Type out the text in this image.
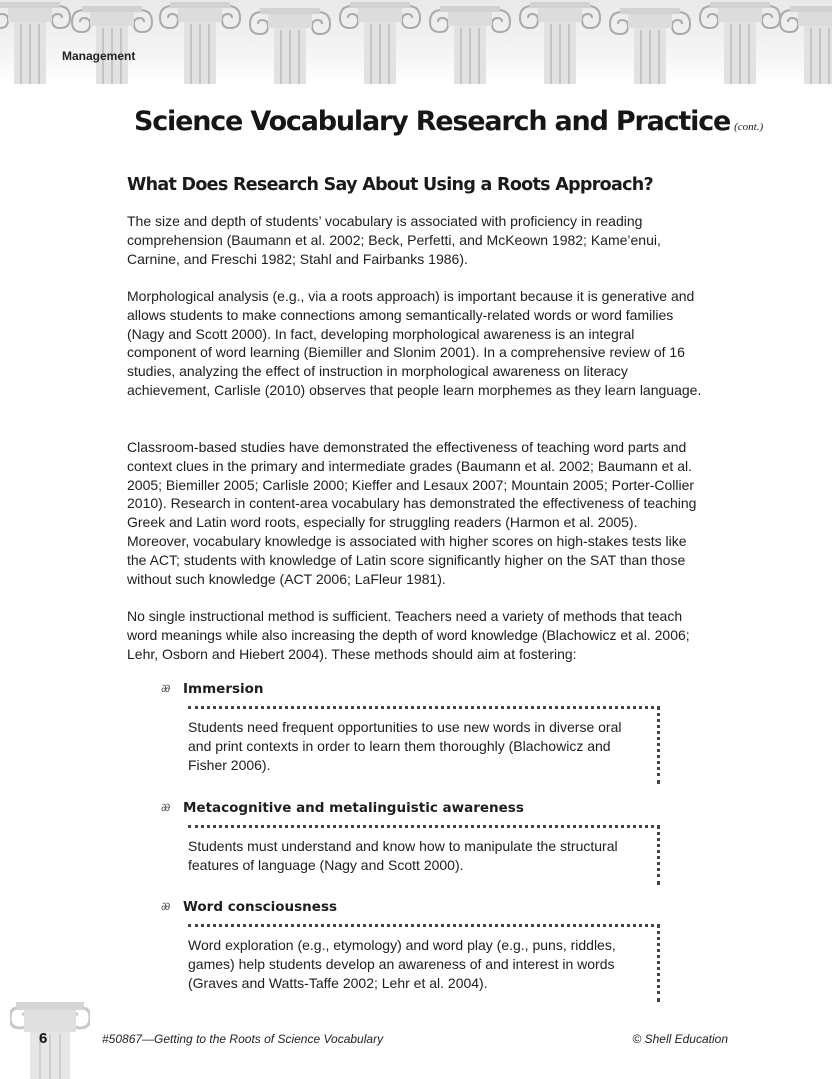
Management
Science Vocabulary Research and Practice (cont.)
What Does Research Say About Using a Roots Approach?

The size and depth of students’ vocabulary is associated with proficiency in reading comprehension (Baumann et al. 2002; Beck, Perfetti, and McKeown 1982; Kame’enui, Carnine, and Freschi 1982; Stahl and Fairbanks 1986).

Morphological analysis (e.g., via a roots approach) is important because it is generative and allows students to make connections among semantically-related words or word families (Nagy and Scott 2000). In fact, developing morphological awareness is an integral component of word learning (Biemiller and Slonim 2001). In a comprehensive review of 16 studies, analyzing the effect of instruction in morphological awareness on literacy achievement, Carlisle (2010) observes that people learn morphemes as they learn language.

Classroom-based studies have demonstrated the effectiveness of teaching word parts and context clues in the primary and intermediate grades (Baumann et al. 2002; Baumann et al. 2005; Biemiller 2005; Carlisle 2000; Kieffer and Lesaux 2007; Mountain 2005; Porter-Collier 2010). Research in content-area vocabulary has demonstrated the effectiveness of teaching Greek and Latin word roots, especially for struggling readers (Harmon et al. 2005). Moreover, vocabulary knowledge is associated with higher scores on high-stakes tests like the ACT; students with knowledge of Latin score significantly higher on the SAT than those without such knowledge (ACT 2006; LaFleur 1981).

No single instructional method is sufficient. Teachers need a variety of methods that teach word meanings while also increasing the depth of word knowledge (Blachowicz et al. 2006; Lehr, Osborn and Hiebert 2004). These methods should aim at fostering:

∂∂ Immersion

Students need frequent opportunities to use new words in diverse oral and print contexts in order to learn them thoroughly (Blachowicz and Fisher 2006).

∂∂ Metacognitive and metalinguistic awareness

Students must understand and know how to manipulate the structural features of language (Nagy and Scott 2000).

∂∂ Word consciousness

Word exploration (e.g., etymology) and word play (e.g., puns, riddles, games) help students develop an awareness of and interest in words (Graves and Watts-Taffe 2002; Lehr et al. 2004).

6	#50867—Getting to the Roots of Science Vocabulary	© Shell Education
